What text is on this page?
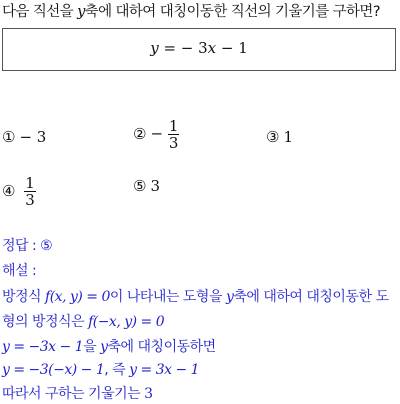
다음 직선을 y축에 대하여 대칭이동한 직선의 기울기를 구하면?
y = − 3x − 1
① − 3	② − $\frac{1}{3}$	③ 1
④ $\frac{1}{3}$	⑤ 3
정답 : ⑤
해설 :
방정식 f(x, y) = 0이 나타내는 도형을 y축에 대하여 대칭이동한 도
형의 방정식은 f(−x, y) = 0
y = −3x − 1을 y축에 대칭이동하면
y = −3(−x) − 1, 즉 y = 3x − 1
따라서 구하는 기울기는 3
